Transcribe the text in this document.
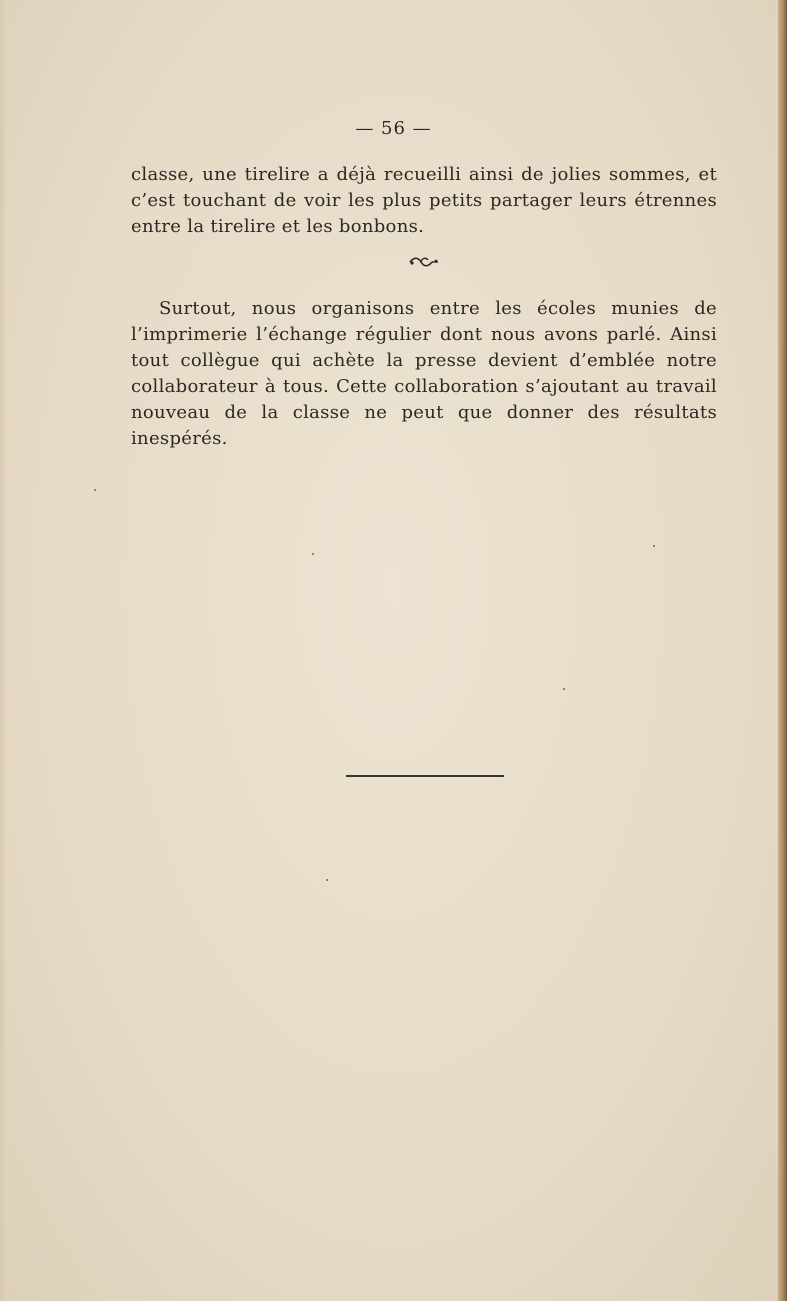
— 56 —

classe, une tirelire a déjà recueilli ainsi de jolies sommes, et c’est touchant de voir les plus petits partager leurs étrennes entre la tirelire et les bonbons.

Surtout, nous organisons entre les écoles munies de l’imprimerie l’échange régulier dont nous avons parlé. Ainsi tout collègue qui achète la presse devient d’emblée notre collaborateur à tous. Cette collaboration s’ajoutant au travail nouveau de la classe ne peut que donner des résultats inespérés.
